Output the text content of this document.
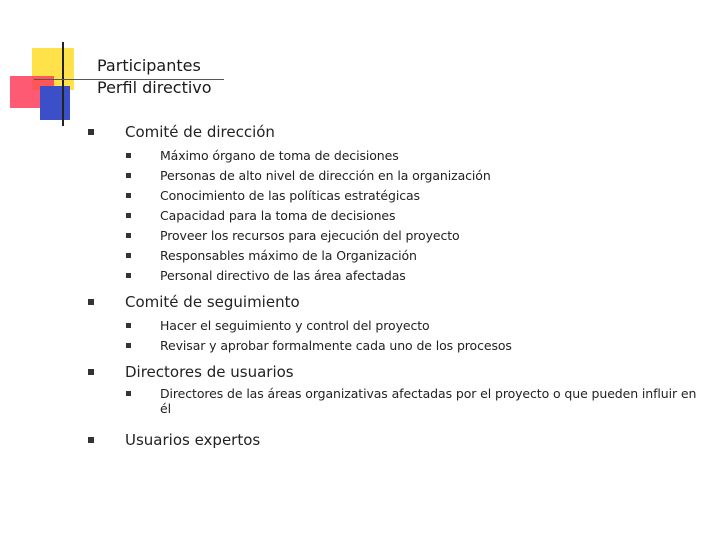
Participantes
Perfil directivo
Comité de dirección
Máximo órgano de toma de decisiones
Personas de alto nivel de dirección en la organización
Conocimiento de las políticas estratégicas
Capacidad para la toma de decisiones
Proveer los recursos para ejecución del proyecto
Responsables máximo de la Organización
Personal directivo de las área afectadas
Comité de seguimiento
Hacer el seguimiento y control del proyecto
Revisar y aprobar formalmente cada uno de los procesos
Directores de usuarios
Directores de las áreas organizativas afectadas por el proyecto o que pueden influir en él
Usuarios expertos
